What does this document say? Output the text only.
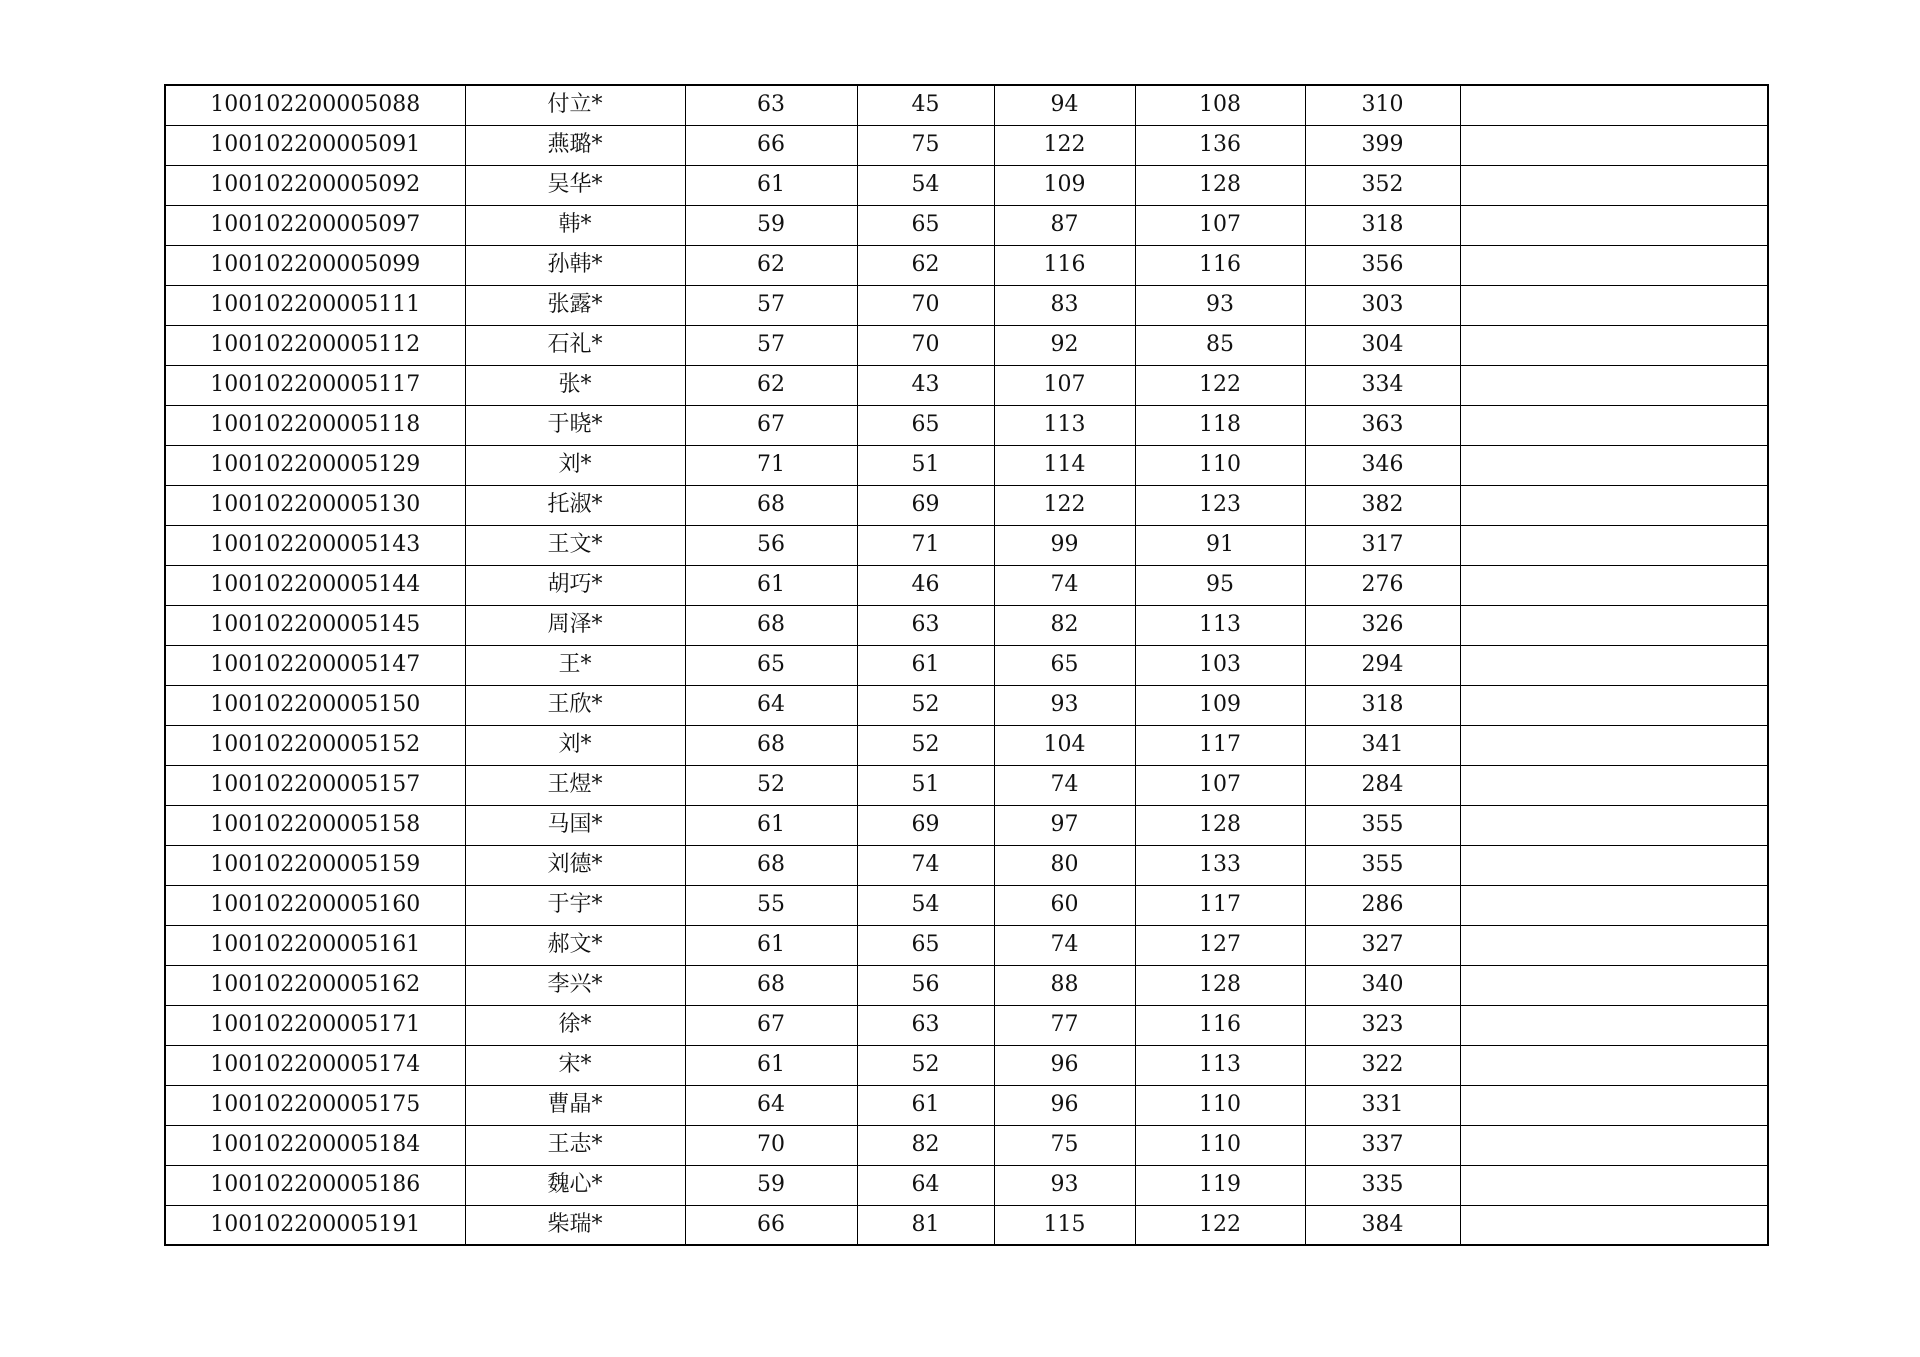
100102200005088	付立*	63	45	94	108	310	
100102200005091	燕璐*	66	75	122	136	399	
100102200005092	吴华*	61	54	109	128	352	
100102200005097	韩*	59	65	87	107	318	
100102200005099	孙韩*	62	62	116	116	356	
100102200005111	张露*	57	70	83	93	303	
100102200005112	石礼*	57	70	92	85	304	
100102200005117	张*	62	43	107	122	334	
100102200005118	于晓*	67	65	113	118	363	
100102200005129	刘*	71	51	114	110	346	
100102200005130	托淑*	68	69	122	123	382	
100102200005143	王文*	56	71	99	91	317	
100102200005144	胡巧*	61	46	74	95	276	
100102200005145	周泽*	68	63	82	113	326	
100102200005147	王*	65	61	65	103	294	
100102200005150	王欣*	64	52	93	109	318	
100102200005152	刘*	68	52	104	117	341	
100102200005157	王煜*	52	51	74	107	284	
100102200005158	马国*	61	69	97	128	355	
100102200005159	刘德*	68	74	80	133	355	
100102200005160	于宇*	55	54	60	117	286	
100102200005161	郝文*	61	65	74	127	327	
100102200005162	李兴*	68	56	88	128	340	
100102200005171	徐*	67	63	77	116	323	
100102200005174	宋*	61	52	96	113	322	
100102200005175	曹晶*	64	61	96	110	331	
100102200005184	王志*	70	82	75	110	337	
100102200005186	魏心*	59	64	93	119	335	
100102200005191	柴瑞*	66	81	115	122	384	
